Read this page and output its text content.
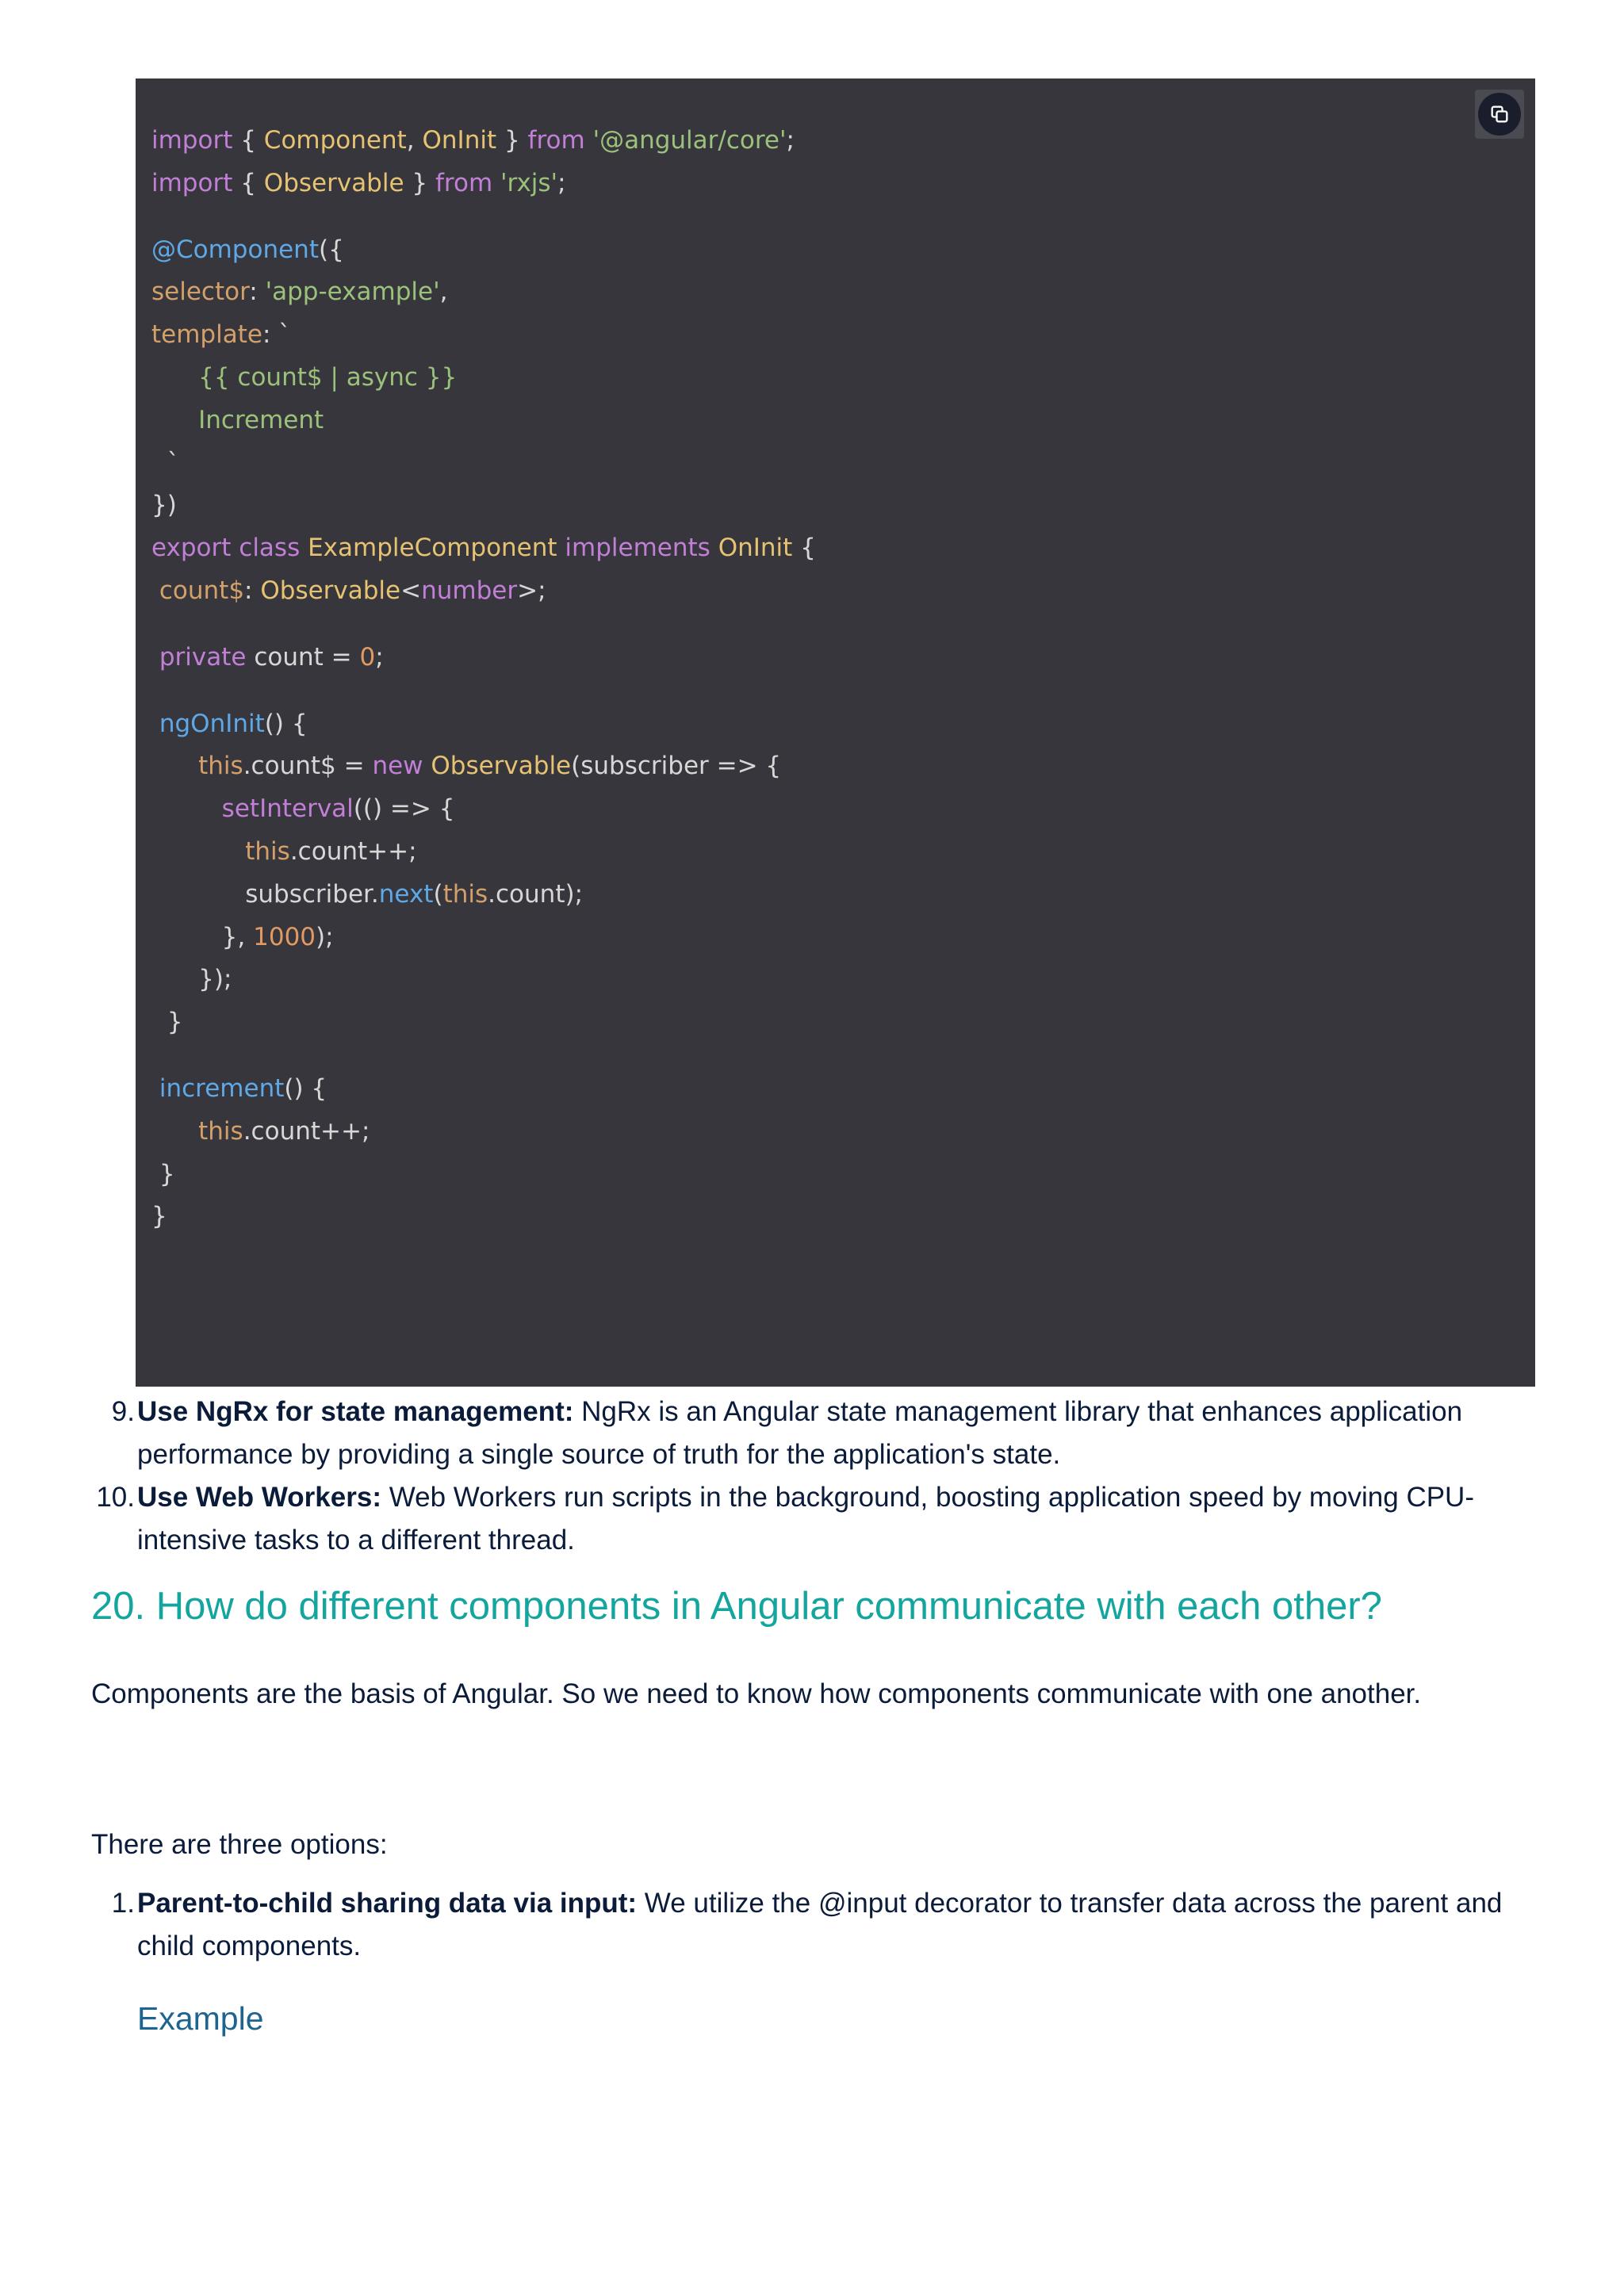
import { Component, OnInit } from '@angular/core';
import { Observable } from 'rxjs';
@Component({
selector: 'app-example',
template: `
{{ count$ | async }}
Increment
`
})
export class ExampleComponent implements OnInit {
count$: Observable<number>;
private count = 0;
ngOnInit() {
this.count$ = new Observable(subscriber => {
setInterval(() => {
this.count++;
subscriber.next(this.count);
}, 1000);
});
}
increment() {
this.count++;
}
}
9. Use NgRx for state management: NgRx is an Angular state management library that enhances application performance by providing a single source of truth for the application's state.
10. Use Web Workers: Web Workers run scripts in the background, boosting application speed by moving CPU-intensive tasks to a different thread.
20. How do different components in Angular communicate with each other?
Components are the basis of Angular. So we need to know how components communicate with one another.
There are three options:
1. Parent-to-child sharing data via input: We utilize the @input decorator to transfer data across the parent and child components.
Example
